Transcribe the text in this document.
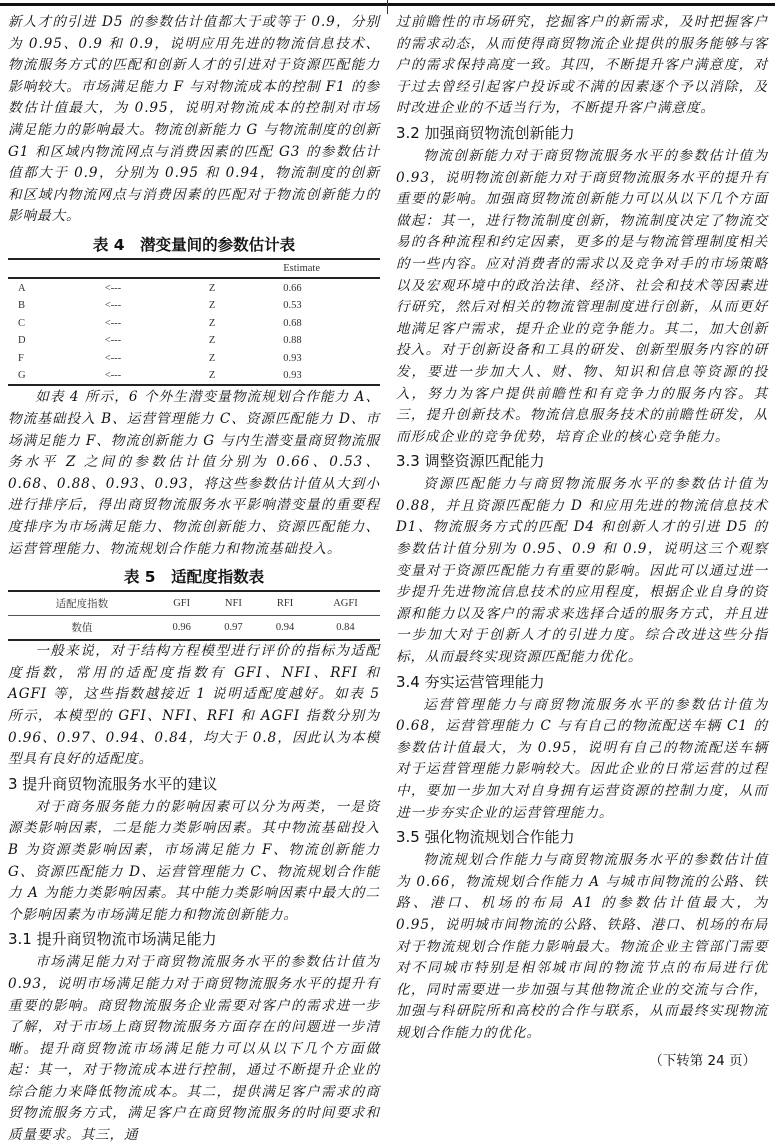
新人才的引进 D5 的参数估计值都大于或等于 0.9，分别为 0.95、0.9 和 0.9，说明应用先进的物流信息技术、物流服务方式的匹配和创新人才的引进对于资源匹配能力影响较大。市场满足能力 F 与对物流成本的控制 F1 的参数估计值最大，为 0.95，说明对物流成本的控制对市场满足能力的影响最大。物流创新能力 G 与物流制度的创新 G1 和区域内物流网点与消费因素的匹配 G3 的参数估计值都大于 0.9，分别为 0.95 和 0.94，物流制度的创新和区域内物流网点与消费因素的匹配对于物流创新能力的影响最大。

表 4　潜变量间的参数估计表
			Estimate
A	<---	Z	0.66
B	<---	Z	0.53
C	<---	Z	0.68
D	<---	Z	0.88
F	<---	Z	0.93
G	<---	Z	0.93

如表 4 所示，6 个外生潜变量物流规划合作能力 A、物流基础投入 B、运营管理能力 C、资源匹配能力 D、市场满足能力 F、物流创新能力 G 与内生潜变量商贸物流服务水平 Z 之间的参数估计值分别为 0.66、0.53、0.68、0.88、0.93、0.93，将这些参数估计值从大到小进行排序后，得出商贸物流服务水平影响潜变量的重要程度排序为市场满足能力、物流创新能力、资源匹配能力、运营管理能力、物流规划合作能力和物流基础投入。

表 5　适配度指数表
适配度指数	GFI	NFI	RFI	AGFI
数值	0.96	0.97	0.94	0.84

一般来说，对于结构方程模型进行评价的指标为适配度指数，常用的适配度指数有 GFI、NFI、RFI 和 AGFI 等，这些指数越接近 1 说明适配度越好。如表 5 所示，本模型的 GFI、NFI、RFI 和 AGFI 指数分别为 0.96、0.97、0.94、0.84，均大于 0.8，因此认为本模型具有良好的适配度。

3 提升商贸物流服务水平的建议

对于商务服务能力的影响因素可以分为两类，一是资源类影响因素，二是能力类影响因素。其中物流基础投入 B 为资源类影响因素，市场满足能力 F、物流创新能力 G、资源匹配能力 D、运营管理能力 C、物流规划合作能力 A 为能力类影响因素。其中能力类影响因素中最大的二个影响因素为市场满足能力和物流创新能力。

3.1 提升商贸物流市场满足能力

市场满足能力对于商贸物流服务水平的参数估计值为 0.93，说明市场满足能力对于商贸物流服务水平的提升有重要的影响。商贸物流服务企业需要对客户的需求进一步了解，对于市场上商贸物流服务方面存在的问题进一步清晰。提升商贸物流市场满足能力可以从以下几个方面做起：其一，对于物流成本进行控制，通过不断提升企业的综合能力来降低物流成本。其二，提供满足客户需求的商贸物流服务方式，满足客户在商贸物流服务的时间要求和质量要求。其三，通

过前瞻性的市场研究，挖掘客户的新需求，及时把握客户的需求动态，从而使得商贸物流企业提供的服务能够与客户的需求保持高度一致。其四，不断提升客户满意度，对于过去曾经引起客户投诉或不满的因素逐个予以消除，及时改进企业的不适当行为，不断提升客户满意度。

3.2 加强商贸物流创新能力

物流创新能力对于商贸物流服务水平的参数估计值为 0.93，说明物流创新能力对于商贸物流服务水平的提升有重要的影响。加强商贸物流创新能力可以从以下几个方面做起：其一，进行物流制度创新，物流制度决定了物流交易的各种流程和约定因素，更多的是与物流管理制度相关的一些内容。应对消费者的需求以及竞争对手的市场策略以及宏观环境中的政治法律、经济、社会和技术等因素进行研究，然后对相关的物流管理制度进行创新，从而更好地满足客户需求，提升企业的竞争能力。其二，加大创新投入。对于创新设备和工具的研发、创新型服务内容的研发，要进一步加大人、财、物、知识和信息等资源的投入，努力为客户提供前瞻性和有竞争力的服务内容。其三，提升创新技术。物流信息服务技术的前瞻性研发，从而形成企业的竞争优势，培育企业的核心竞争能力。

3.3 调整资源匹配能力

资源匹配能力与商贸物流服务水平的参数估计值为 0.88，并且资源匹配能力 D 和应用先进的物流信息技术 D1、物流服务方式的匹配 D4 和创新人才的引进 D5 的参数估计值分别为 0.95、0.9 和 0.9，说明这三个观察变量对于资源匹配能力有重要的影响。因此可以通过进一步提升先进物流信息技术的应用程度，根据企业自身的资源和能力以及客户的需求来选择合适的服务方式，并且进一步加大对于创新人才的引进力度。综合改进这些分指标，从而最终实现资源匹配能力优化。

3.4 夯实运营管理能力

运营管理能力与商贸物流服务水平的参数估计值为 0.68，运营管理能力 C 与有自己的物流配送车辆 C1 的参数估计值最大，为 0.95，说明有自己的物流配送车辆对于运营管理能力影响较大。因此企业的日常运营的过程中，要加一步加大对自身拥有运营资源的控制力度，从而进一步夯实企业的运营管理能力。

3.5 强化物流规划合作能力

物流规划合作能力与商贸物流服务水平的参数估计值为 0.66，物流规划合作能力 A 与城市间物流的公路、铁路、港口、机场的布局 A1 的参数估计值最大，为 0.95，说明城市间物流的公路、铁路、港口、机场的布局对于物流规划合作能力影响最大。物流企业主管部门需要对不同城市特别是相邻城市间的物流节点的布局进行优化，同时需要进一步加强与其他物流企业的交流与合作，加强与科研院所和高校的合作与联系，从而最终实现物流规划合作能力的优化。

（下转第 24 页）
